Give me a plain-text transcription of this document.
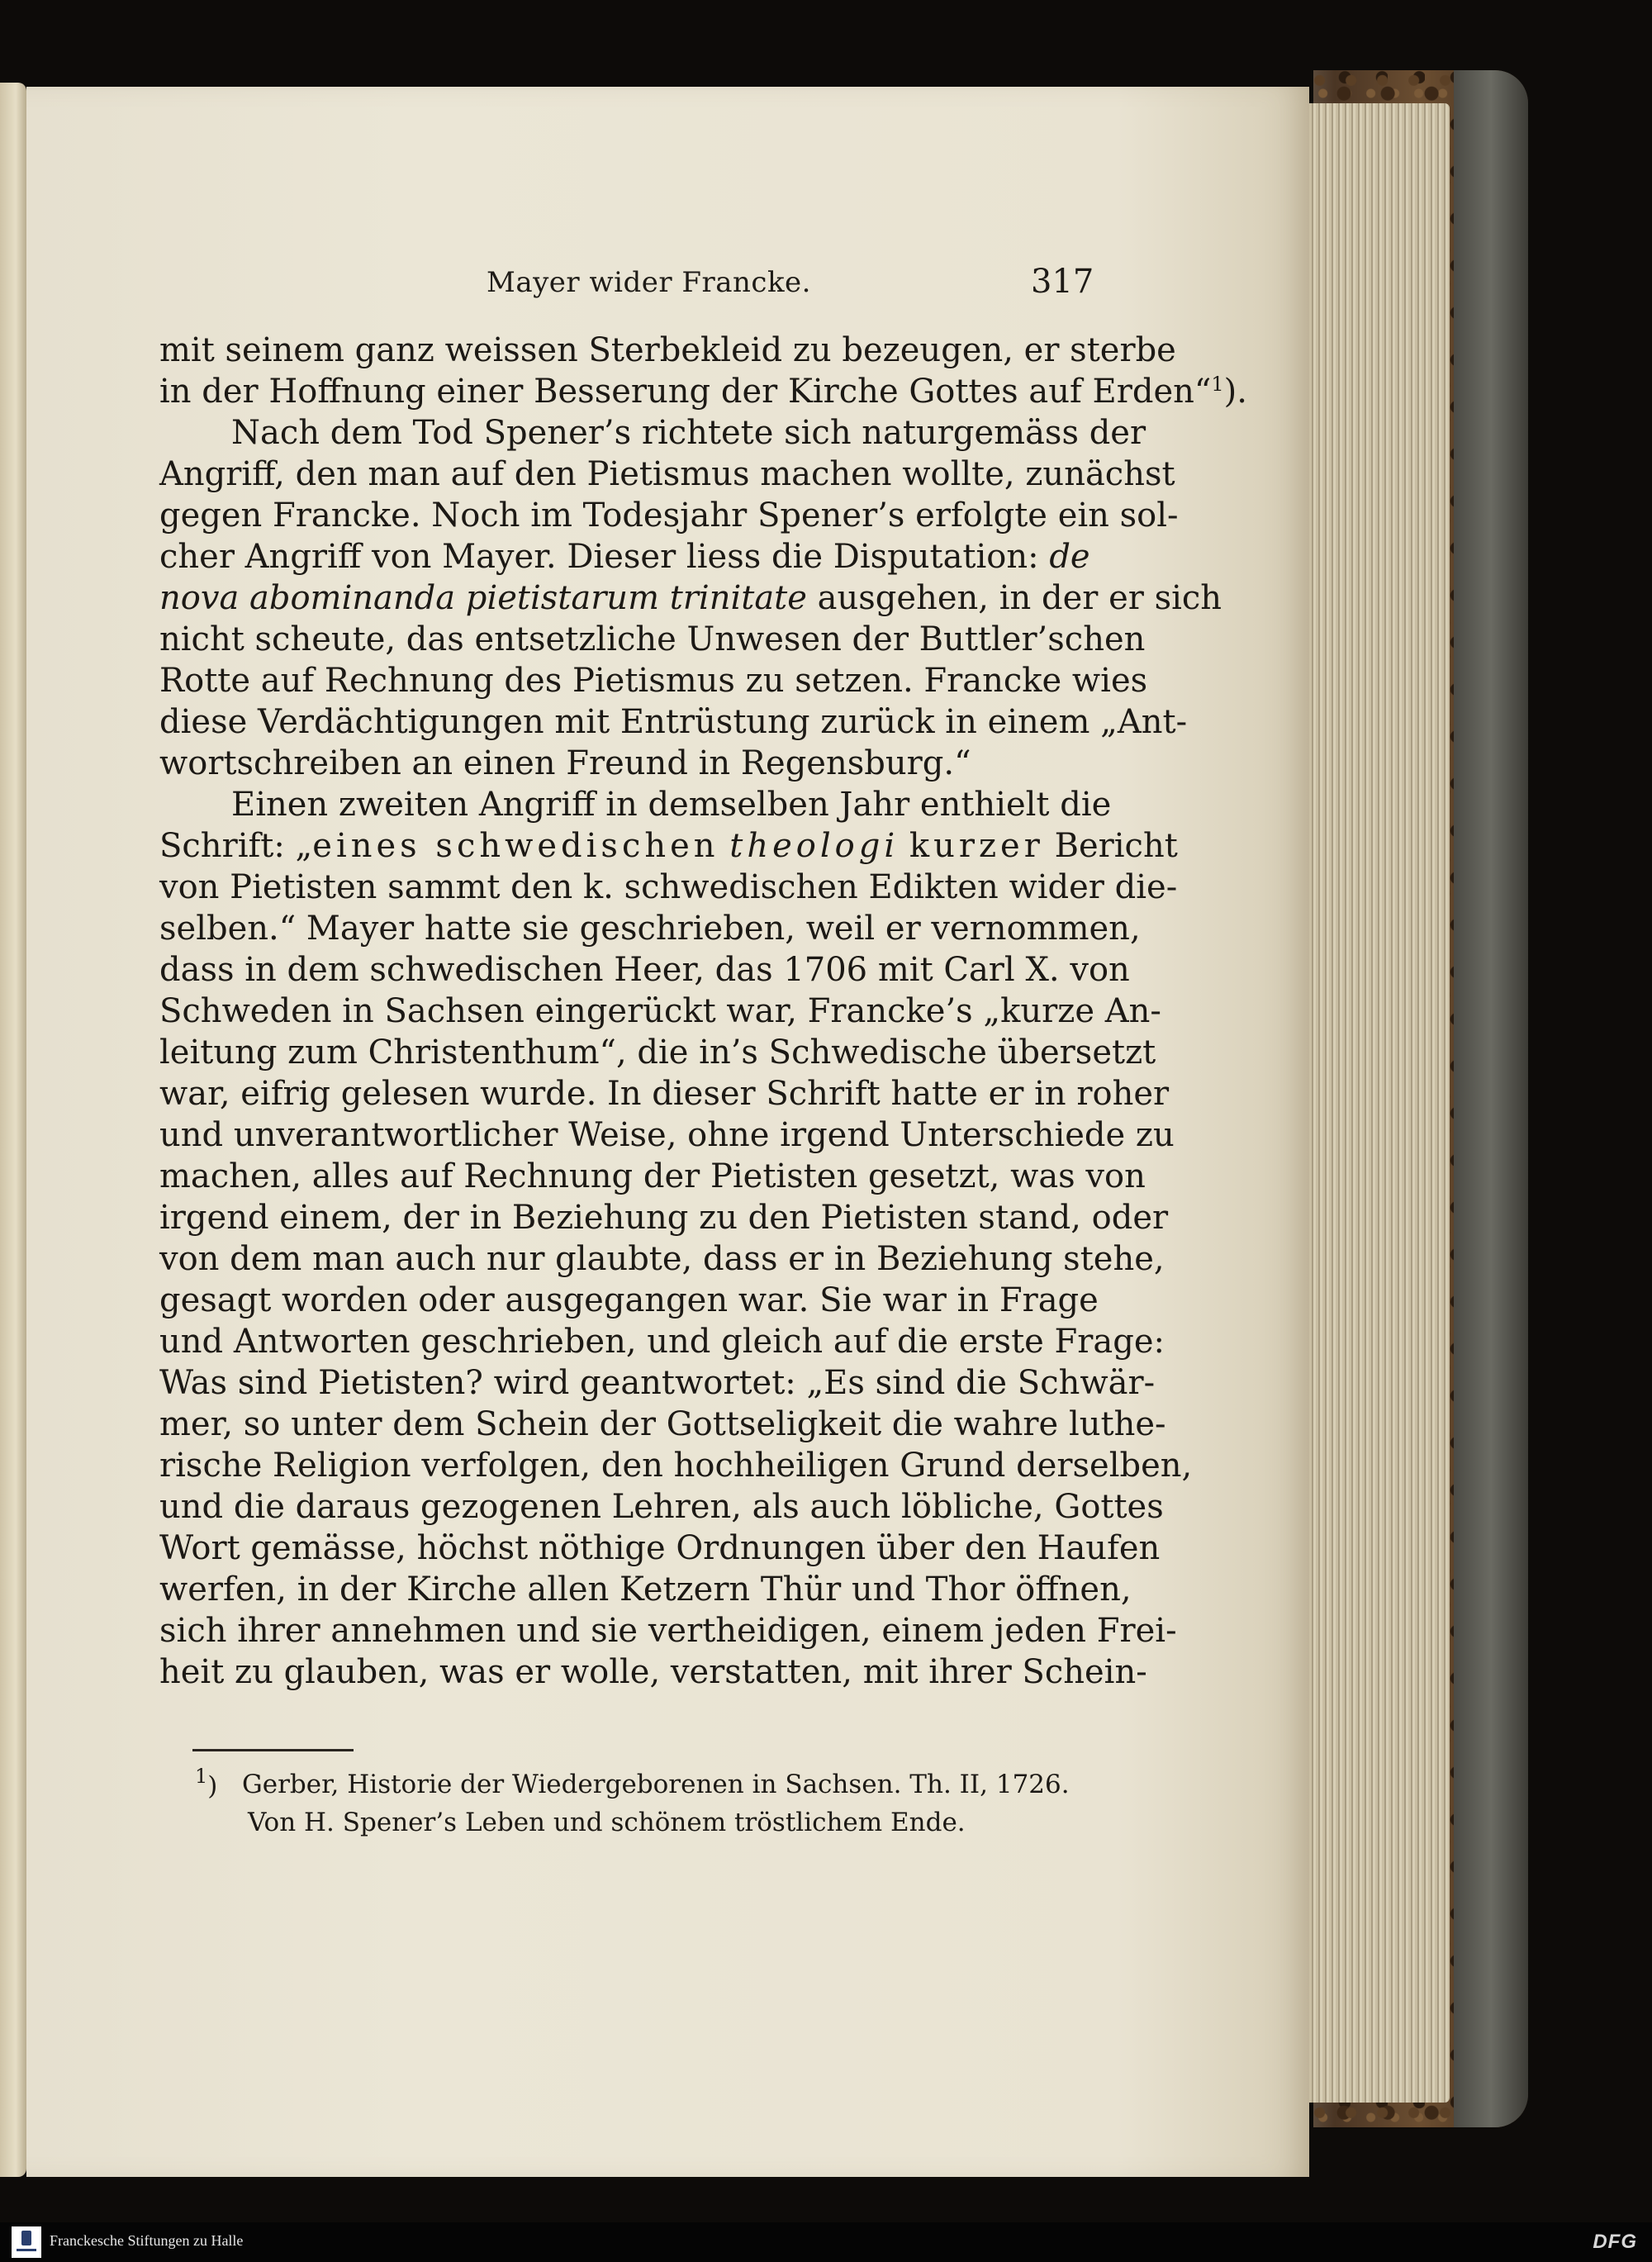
Mayer wider Francke.	317
mit seinem ganz weissen Sterbekleid zu bezeugen, er sterbe
in der Hoffnung einer Besserung der Kirche Gottes auf Erden“$^1$).
Nach dem Tod Spener’s richtete sich naturgemäss der
Angriff, den man auf den Pietismus machen wollte, zunächst
gegen Francke. Noch im Todesjahr Spener’s erfolgte ein sol-
cher Angriff von Mayer. Dieser liess die Disputation: de
nova abominanda pietistarum trinitate ausgehen, in der er sich
nicht scheute, das entsetzliche Unwesen der Buttler’schen
Rotte auf Rechnung des Pietismus zu setzen. Francke wies
diese Verdächtigungen mit Entrüstung zurück in einem „Ant-
wortschreiben an einen Freund in Regensburg.“
Einen zweiten Angriff in demselben Jahr enthielt die
Schrift: „eines schwedischen theologi kurzer Bericht
von Pietisten sammt den k. schwedischen Edikten wider die-
selben.“ Mayer hatte sie geschrieben, weil er vernommen,
dass in dem schwedischen Heer, das 1706 mit Carl X. von
Schweden in Sachsen eingerückt war, Francke’s „kurze An-
leitung zum Christenthum“, die in’s Schwedische übersetzt
war, eifrig gelesen wurde. In dieser Schrift hatte er in roher
und unverantwortlicher Weise, ohne irgend Unterschiede zu
machen, alles auf Rechnung der Pietisten gesetzt, was von
irgend einem, der in Beziehung zu den Pietisten stand, oder
von dem man auch nur glaubte, dass er in Beziehung stehe,
gesagt worden oder ausgegangen war. Sie war in Frage
und Antworten geschrieben, und gleich auf die erste Frage:
Was sind Pietisten? wird geantwortet: „Es sind die Schwär-
mer, so unter dem Schein der Gottseligkeit die wahre luthe-
rische Religion verfolgen, den hochheiligen Grund derselben,
und die daraus gezogenen Lehren, als auch löbliche, Gottes
Wort gemässe, höchst nöthige Ordnungen über den Haufen
werfen, in der Kirche allen Ketzern Thür und Thor öffnen,
sich ihrer annehmen und sie vertheidigen, einem jeden Frei-
heit zu glauben, was er wolle, verstatten, mit ihrer Schein-
$^1$) Gerber, Historie der Wiedergeborenen in Sachsen. Th. II, 1726.
Von H. Spener’s Leben und schönem tröstlichem Ende.
Franckesche Stiftungen zu Halle	DFG
